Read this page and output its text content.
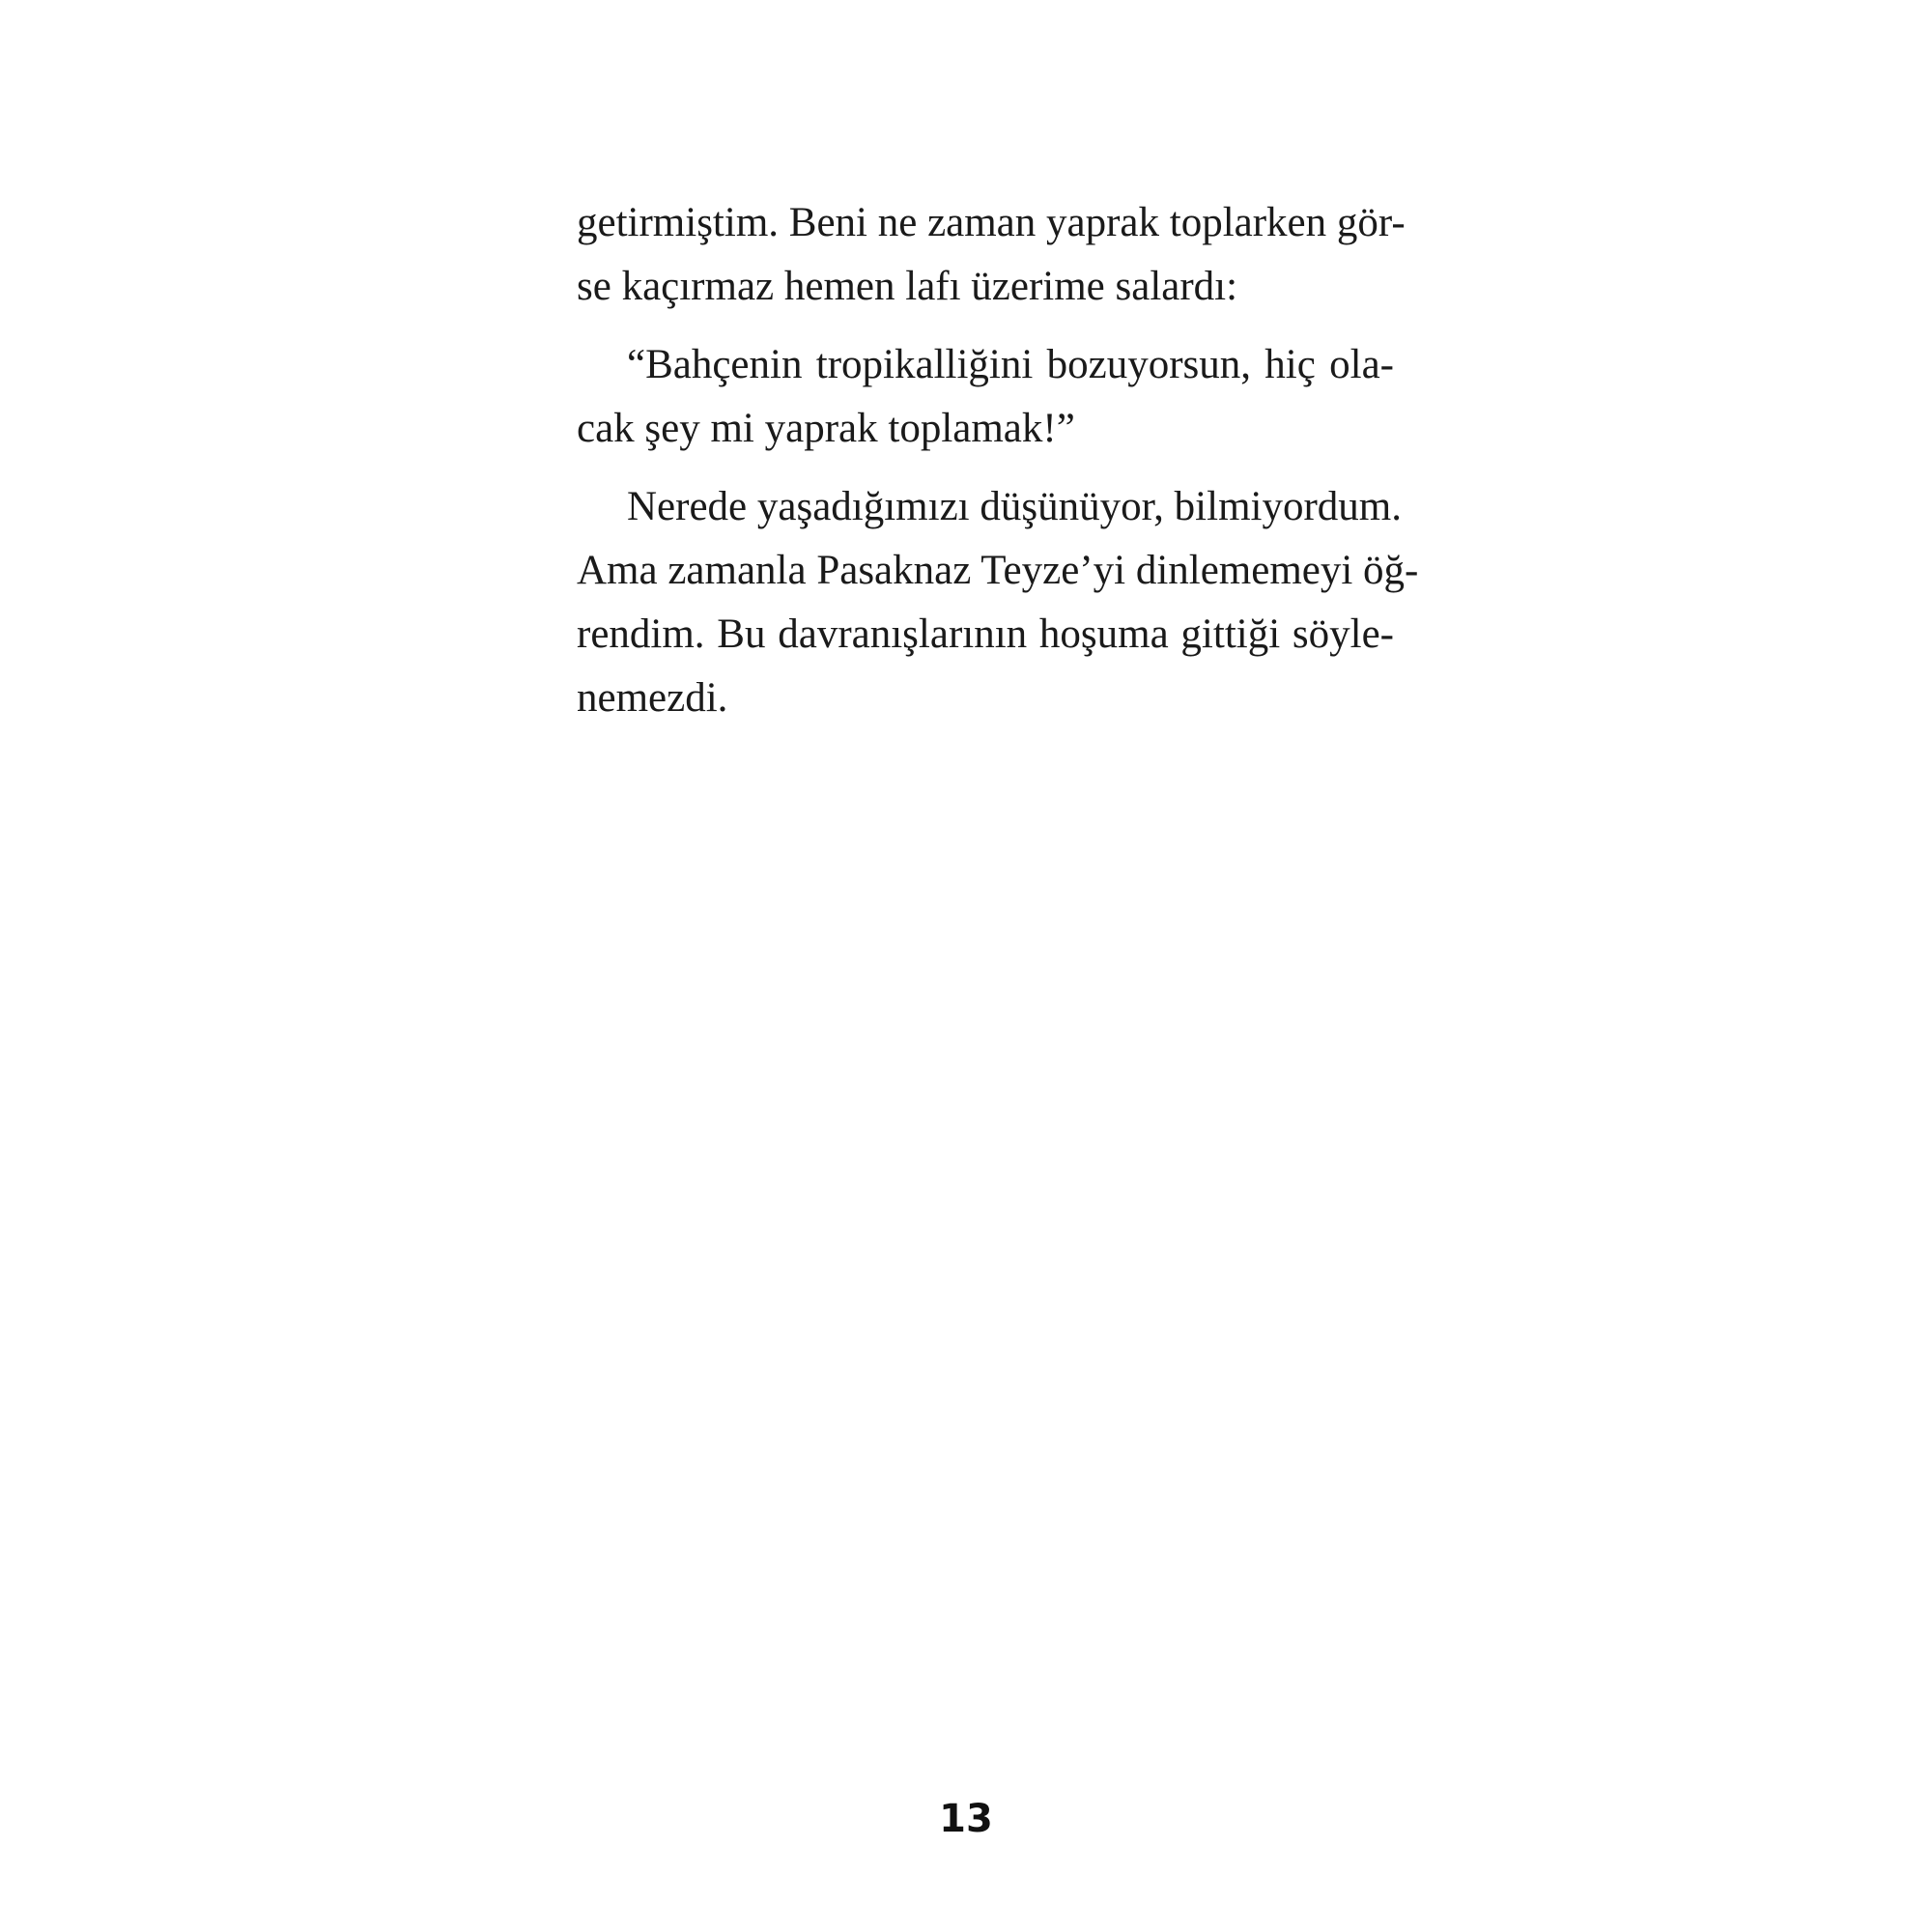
getirmiştim. Beni ne zaman yaprak toplarken gör-
se kaçırmaz hemen lafı üzerime salardı:

“Bahçenin tropikalliğini bozuyorsun, hiç ola-
cak şey mi yaprak toplamak!”

Nerede yaşadığımızı düşünüyor, bilmiyordum.
Ama zamanla Pasaknaz Teyze’yi dinlememeyi öğ-
rendim. Bu davranışlarının hoşuma gittiği söyle-
nemezdi.

13
